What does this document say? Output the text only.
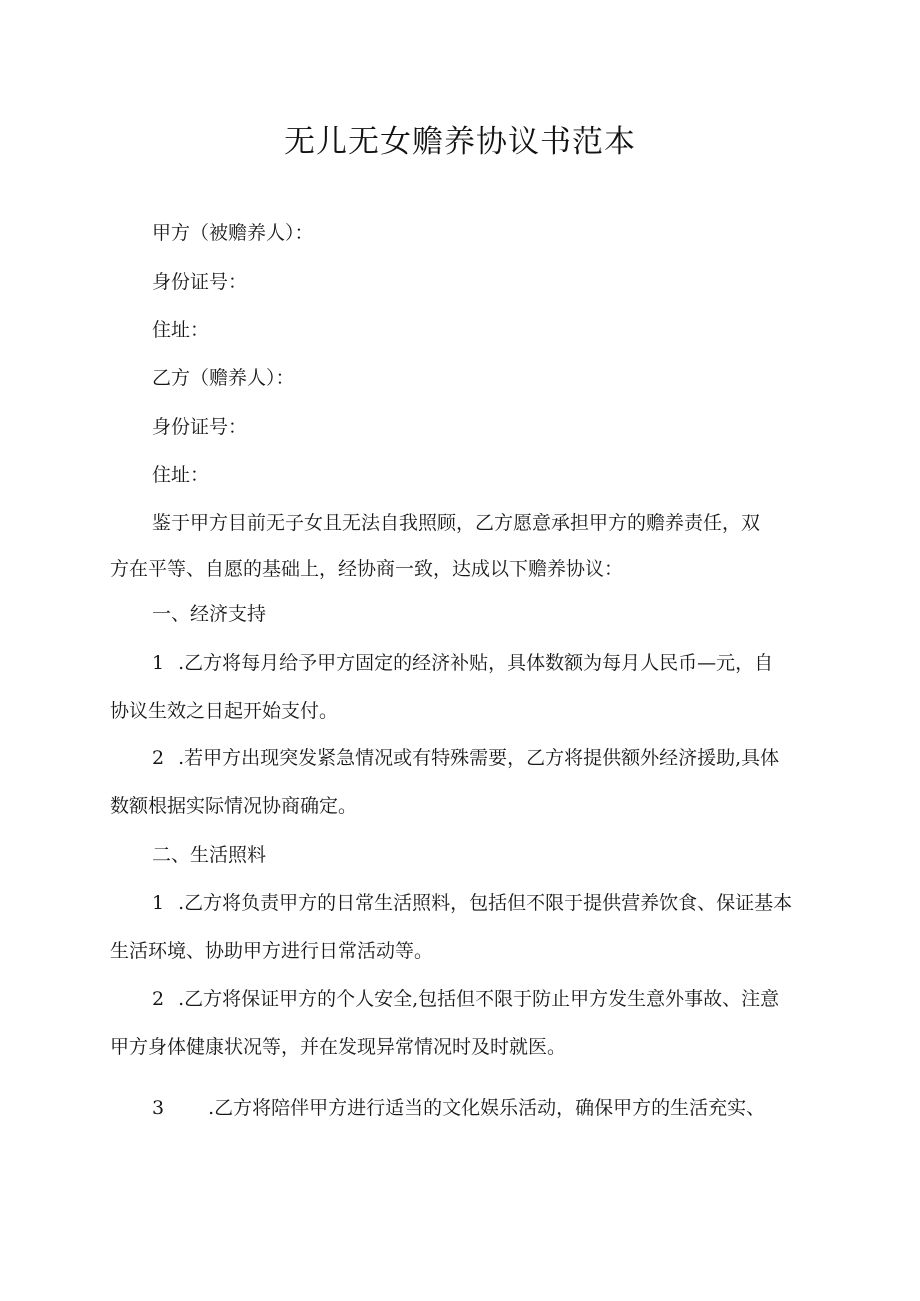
无儿无女赡养协议书范本
甲方（被赡养人）：
身份证号：
住址：
乙方（赡养人）：
身份证号：
住址：
鉴于甲方目前无子女且无法自我照顾，乙方愿意承担甲方的赡养责任，双
方在平等、自愿的基础上，经协商一致，达成以下赡养协议：
一、经济支持
1 .乙方将每月给予甲方固定的经济补贴，具体数额为每月人民币—元，自
协议生效之日起开始支付。
2 .若甲方出现突发紧急情况或有特殊需要，乙方将提供额外经济援助,具体
数额根据实际情况协商确定。
二、生活照料
1 .乙方将负责甲方的日常生活照料，包括但不限于提供营养饮食、保证基本
生活环境、协助甲方进行日常活动等。
2 .乙方将保证甲方的个人安全,包括但不限于防止甲方发生意外事故、注意
甲方身体健康状况等，并在发现异常情况时及时就医。
3 .乙方将陪伴甲方进行适当的文化娱乐活动，确保甲方的生活充实、
